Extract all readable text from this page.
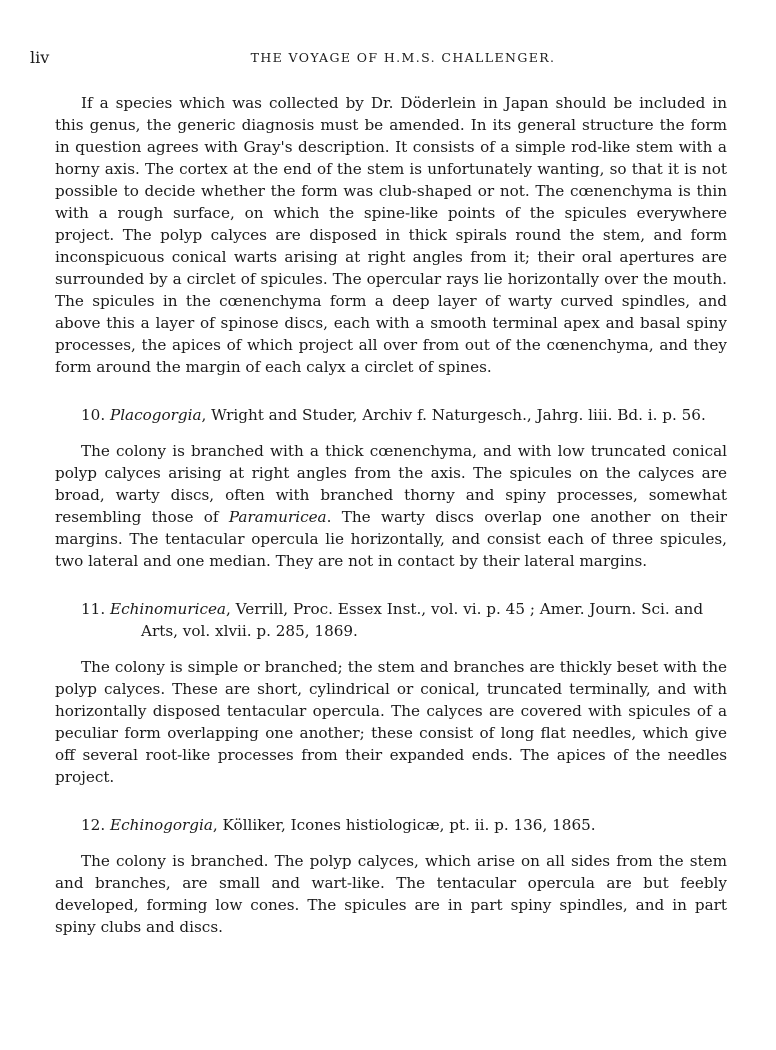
liv	THE VOYAGE OF H.M.S. CHALLENGER.

If a species which was collected by Dr. Döderlein in Japan should be included in this genus, the generic diagnosis must be amended. In its general structure the form in question agrees with Gray's description. It consists of a simple rod-like stem with a horny axis. The cortex at the end of the stem is unfortunately wanting, so that it is not possible to decide whether the form was club-shaped or not. The cœnenchyma is thin with a rough surface, on which the spine-like points of the spicules everywhere project. The polyp calyces are disposed in thick spirals round the stem, and form inconspicuous conical warts arising at right angles from it; their oral apertures are surrounded by a circlet of spicules. The opercular rays lie horizontally over the mouth. The spicules in the cœnenchyma form a deep layer of warty curved spindles, and above this a layer of spinose discs, each with a smooth terminal apex and basal spiny processes, the apices of which project all over from out of the cœnenchyma, and they form around the margin of each calyx a circlet of spines.

10. Placogorgia, Wright and Studer, Archiv f. Naturgesch., Jahrg. liii. Bd. i. p. 56.

The colony is branched with a thick cœnenchyma, and with low truncated conical polyp calyces arising at right angles from the axis. The spicules on the calyces are broad, warty discs, often with branched thorny and spiny processes, somewhat resembling those of Paramuricea. The warty discs overlap one another on their margins. The tentacular opercula lie horizontally, and consist each of three spicules, two lateral and one median. They are not in contact by their lateral margins.

11. Echinomuricea, Verrill, Proc. Essex Inst., vol. vi. p. 45 ; Amer. Journ. Sci. and Arts, vol. xlvii. p. 285, 1869.

The colony is simple or branched; the stem and branches are thickly beset with the polyp calyces. These are short, cylindrical or conical, truncated terminally, and with horizontally disposed tentacular opercula. The calyces are covered with spicules of a peculiar form overlapping one another; these consist of long flat needles, which give off several root-like processes from their expanded ends. The apices of the needles project.

12. Echinogorgia, Kölliker, Icones histiologicæ, pt. ii. p. 136, 1865.

The colony is branched. The polyp calyces, which arise on all sides from the stem and branches, are small and wart-like. The tentacular opercula are but feebly developed, forming low cones. The spicules are in part spiny spindles, and in part spiny clubs and discs.
